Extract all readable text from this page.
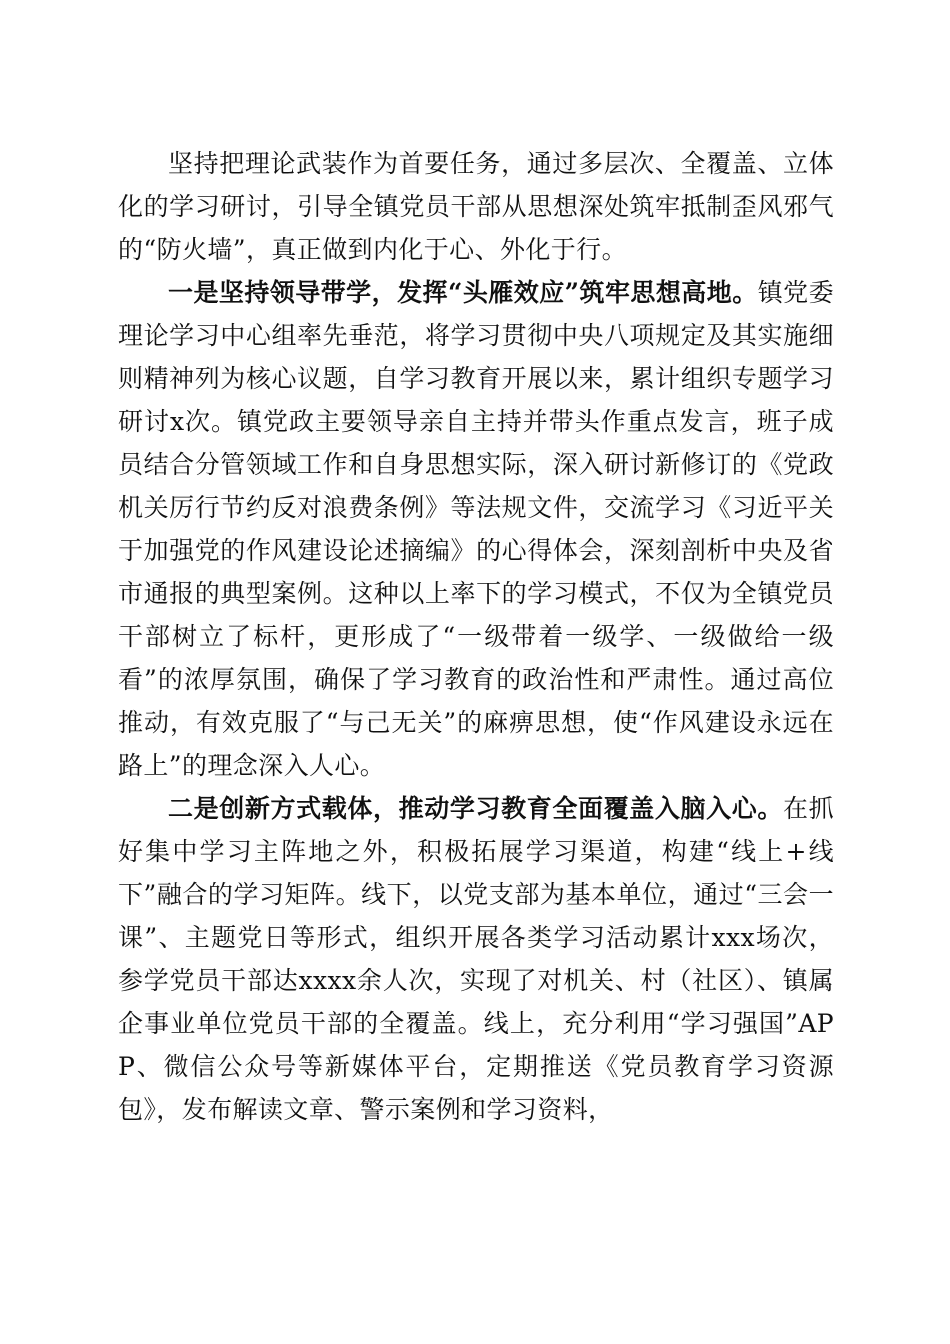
坚持把理论武装作为首要任务，通过多层次、全覆盖、立体化的学习研讨，引导全镇党员干部从思想深处筑牢抵制歪风邪气的“防火墙”，真正做到内化于心、外化于行。

一是坚持领导带学，发挥“头雁效应”筑牢思想高地。镇党委理论学习中心组率先垂范，将学习贯彻中央八项规定及其实施细则精神列为核心议题，自学习教育开展以来，累计组织专题学习研讨x次。镇党政主要领导亲自主持并带头作重点发言，班子成员结合分管领域工作和自身思想实际，深入研讨新修订的《党政机关厉行节约反对浪费条例》等法规文件，交流学习《习近平关于加强党的作风建设论述摘编》的心得体会，深刻剖析中央及省市通报的典型案例。这种以上率下的学习模式，不仅为全镇党员干部树立了标杆，更形成了“一级带着一级学、一级做给一级看”的浓厚氛围，确保了学习教育的政治性和严肃性。通过高位推动，有效克服了“与己无关”的麻痹思想，使“作风建设永远在路上”的理念深入人心。

二是创新方式载体，推动学习教育全面覆盖入脑入心。在抓好集中学习主阵地之外，积极拓展学习渠道，构建“线上+线下”融合的学习矩阵。线下，以党支部为基本单位，通过“三会一课”、主题党日等形式，组织开展各类学习活动累计xxx场次，参学党员干部达xxxx余人次，实现了对机关、村（社区）、镇属企事业单位党员干部的全覆盖。线上，充分利用“学习强国”APP、微信公众号等新媒体平台，定期推送《党员教育学习资源包》，发布解读文章、警示案例和学习资料，
